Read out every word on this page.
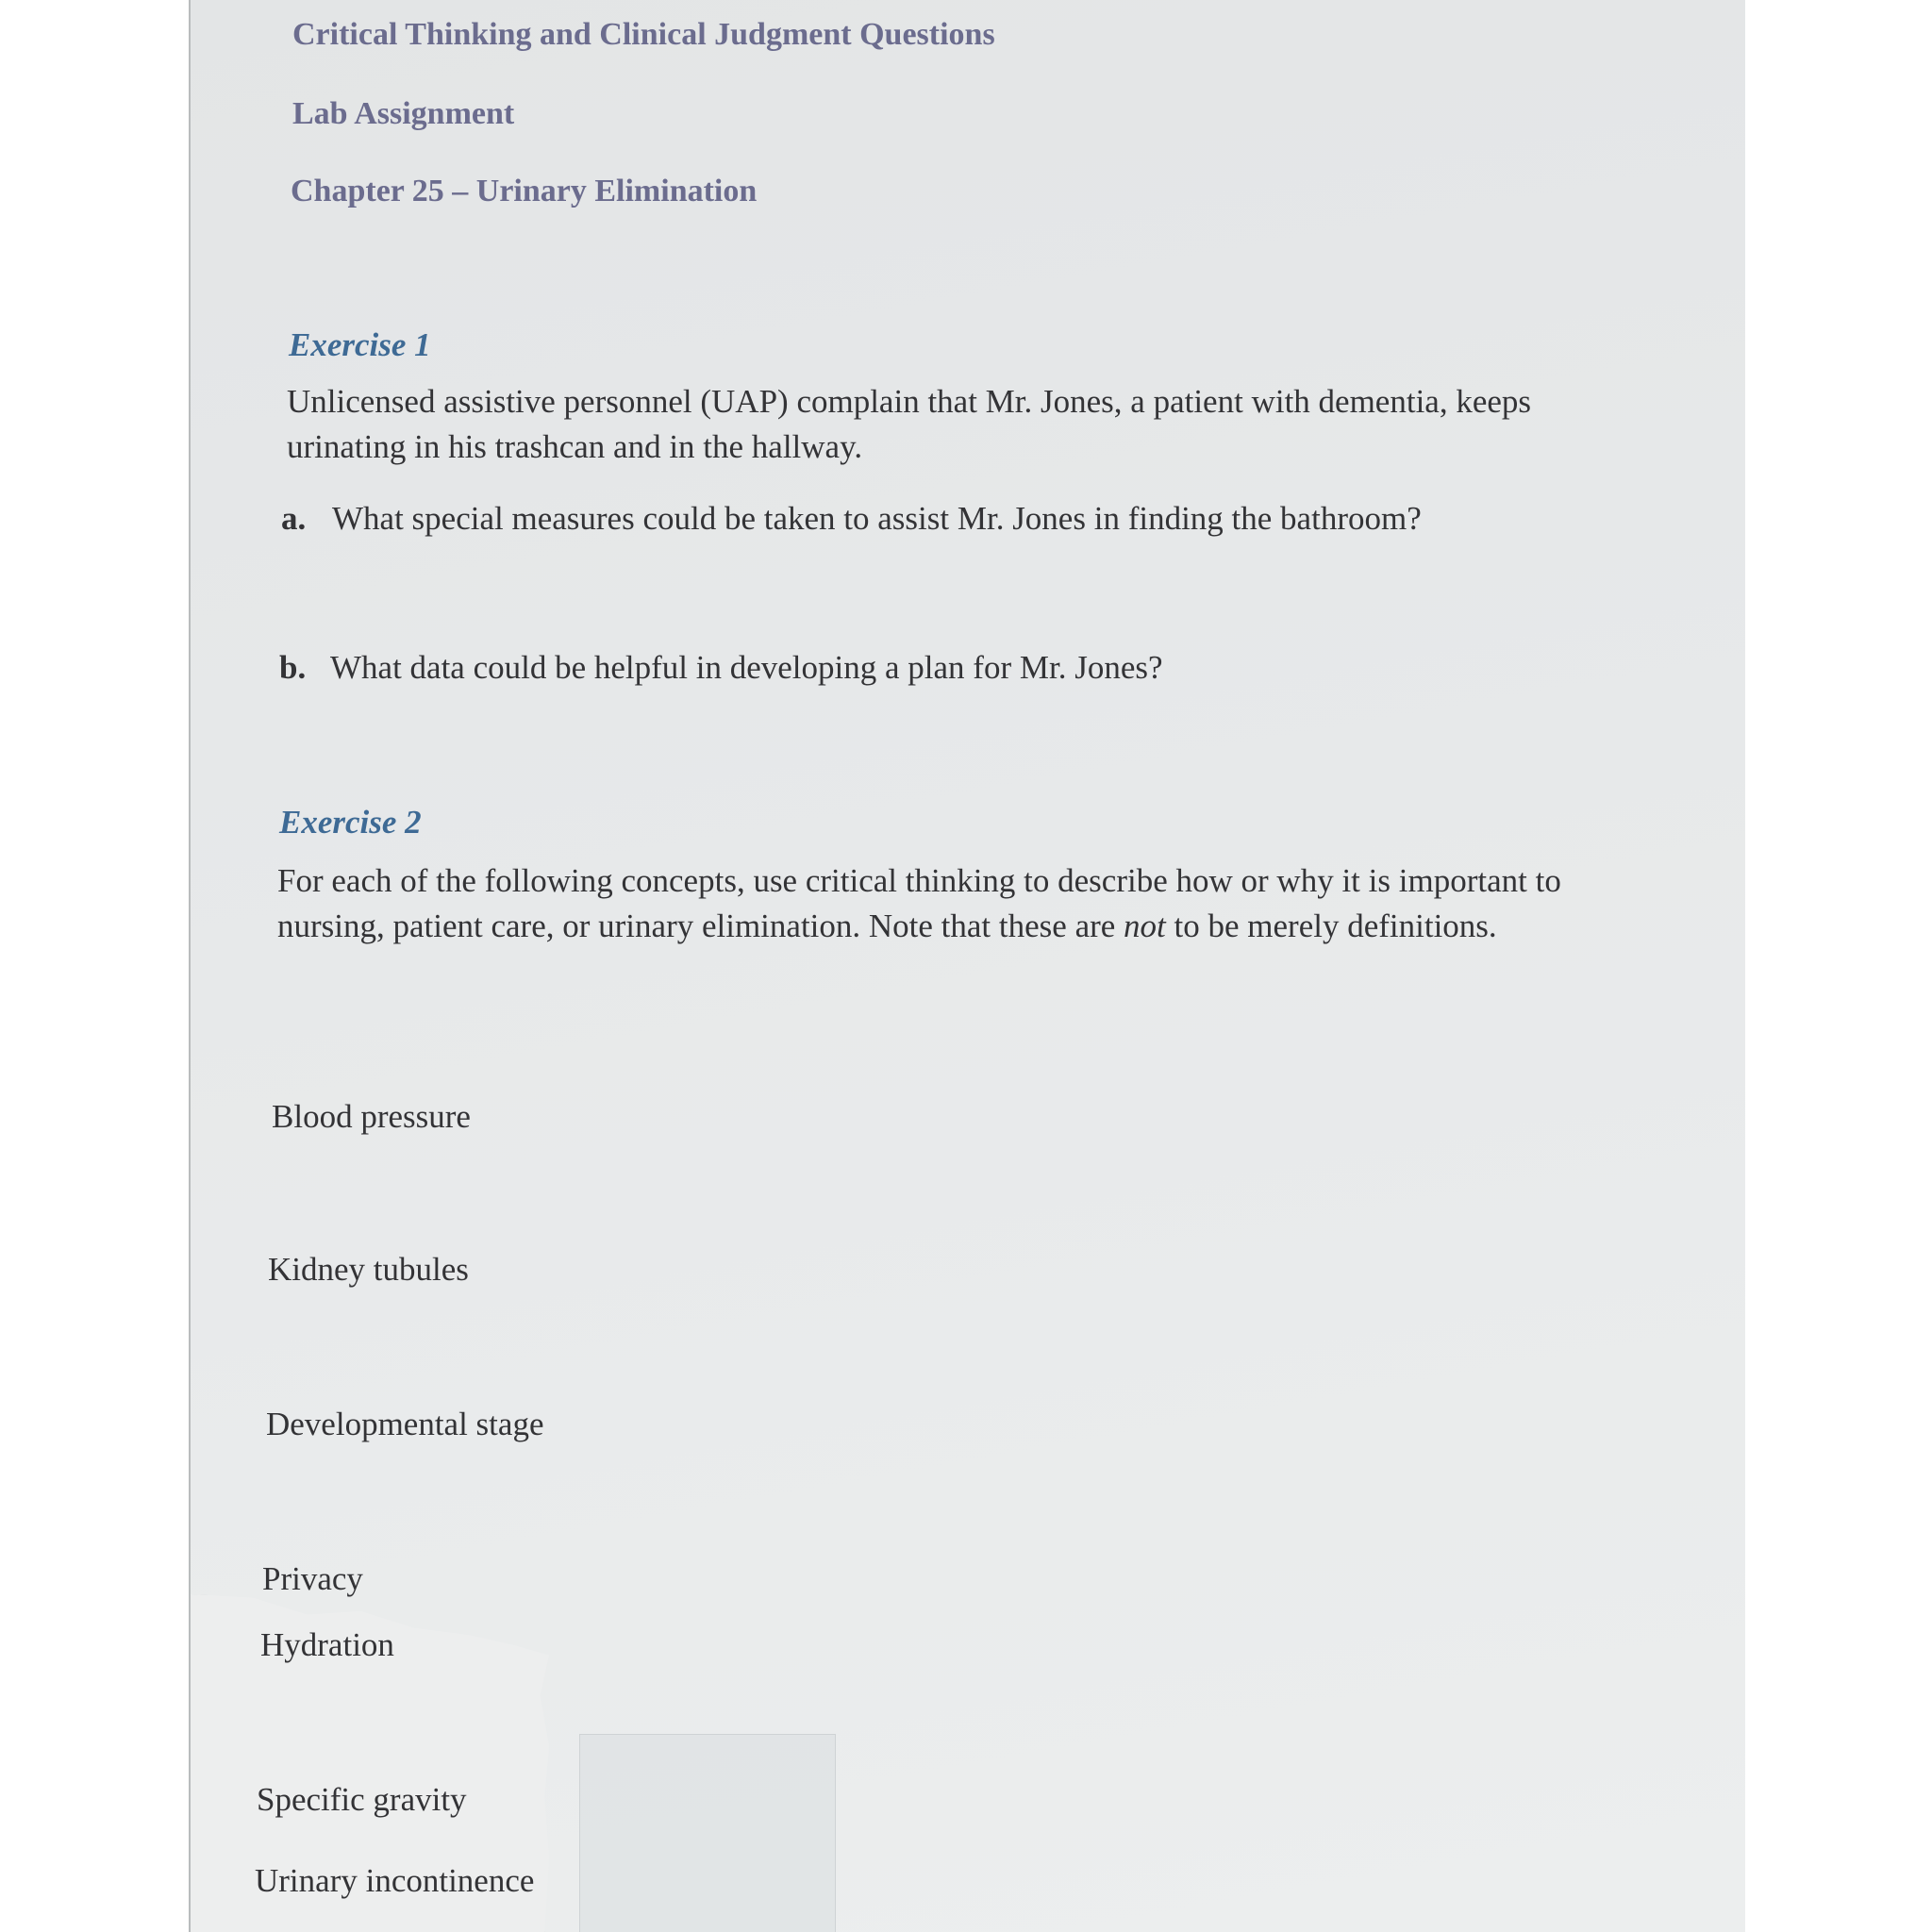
Critical Thinking and Clinical Judgment Questions
Lab Assignment
Chapter 25 – Urinary Elimination
Exercise 1
Unlicensed assistive personnel (UAP) complain that Mr. Jones, a patient with dementia, keeps urinating in his trashcan and in the hallway.
a. What special measures could be taken to assist Mr. Jones in finding the bathroom?
b. What data could be helpful in developing a plan for Mr. Jones?
Exercise 2
For each of the following concepts, use critical thinking to describe how or why it is important to nursing, patient care, or urinary elimination. Note that these are not to be merely definitions.
Blood pressure
Kidney tubules
Developmental stage
Privacy
Hydration
Specific gravity
Urinary incontinence
